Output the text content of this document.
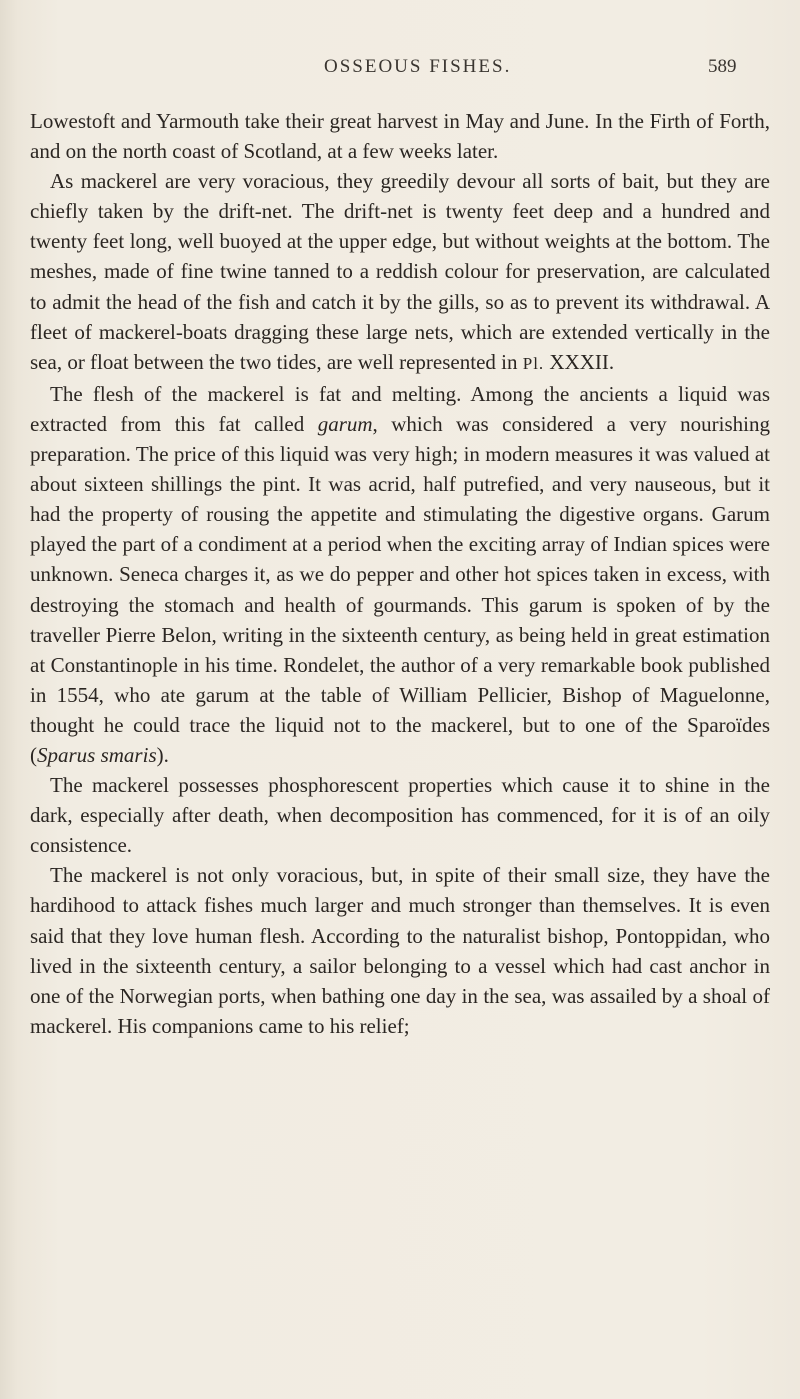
OSSEOUS FISHES.	589

Lowestoft and Yarmouth take their great harvest in May and June. In the Firth of Forth, and on the north coast of Scotland, at a few weeks later.

As mackerel are very voracious, they greedily devour all sorts of bait, but they are chiefly taken by the drift-net. The drift-net is twenty feet deep and a hundred and twenty feet long, well buoyed at the upper edge, but without weights at the bottom. The meshes, made of fine twine tanned to a reddish colour for preservation, are calculated to admit the head of the fish and catch it by the gills, so as to prevent its withdrawal. A fleet of mackerel-boats dragging these large nets, which are extended vertically in the sea, or float between the two tides, are well represented in Pl. XXXII.

The flesh of the mackerel is fat and melting. Among the ancients a liquid was extracted from this fat called garum, which was considered a very nourishing preparation. The price of this liquid was very high; in modern measures it was valued at about sixteen shillings the pint. It was acrid, half putrefied, and very nauseous, but it had the property of rousing the appetite and stimulating the digestive organs. Garum played the part of a condiment at a period when the exciting array of Indian spices were unknown. Seneca charges it, as we do pepper and other hot spices taken in excess, with destroying the stomach and health of gourmands. This garum is spoken of by the traveller Pierre Belon, writing in the sixteenth century, as being held in great estimation at Constantinople in his time. Rondelet, the author of a very remarkable book published in 1554, who ate garum at the table of William Pellicier, Bishop of Maguelonne, thought he could trace the liquid not to the mackerel, but to one of the Sparoïdes (Sparus smaris).

The mackerel possesses phosphorescent properties which cause it to shine in the dark, especially after death, when decomposition has commenced, for it is of an oily consistence.

The mackerel is not only voracious, but, in spite of their small size, they have the hardihood to attack fishes much larger and much stronger than themselves. It is even said that they love human flesh. According to the naturalist bishop, Pontoppidan, who lived in the sixteenth century, a sailor belonging to a vessel which had cast anchor in one of the Norwegian ports, when bathing one day in the sea, was assailed by a shoal of mackerel. His companions came to his relief;
